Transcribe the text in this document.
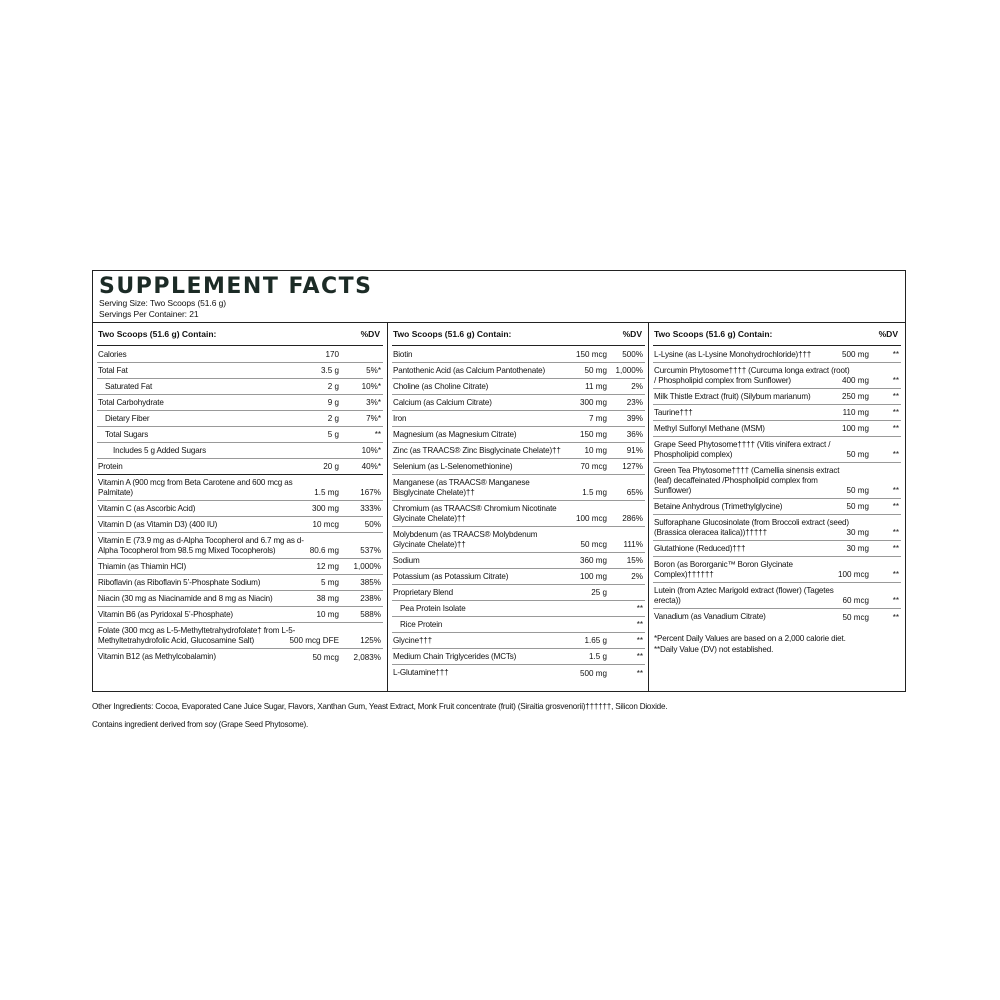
SUPPLEMENT FACTS
Serving Size: Two Scoops (51.6 g)
Servings Per Container: 21
Two Scoops (51.6 g) Contain:	%DV
Calories	170
Total Fat	3.5 g	5%*
Saturated Fat	2 g	10%*
Total Carbohydrate	9 g	3%*
Dietary Fiber	2 g	7%*
Total Sugars	5 g	**
Includes 5 g Added Sugars	10%*
Protein	20 g	40%*
Vitamin A (900 mcg from Beta Carotene and 600 mcg as Palmitate)	1.5 mg	167%
Vitamin C (as Ascorbic Acid)	300 mg	333%
Vitamin D (as Vitamin D3) (400 IU)	10 mcg	50%
Vitamin E (73.9 mg as d-Alpha Tocopherol and 6.7 mg as d-Alpha Tocopherol from 98.5 mg Mixed Tocopherols)	80.6 mg	537%
Thiamin (as Thiamin HCl)	12 mg 1,000%
Riboflavin (as Riboflavin 5’-Phosphate Sodium)	5 mg	385%
Niacin (30 mg as Niacinamide and 8 mg as Niacin)	38 mg	238%
Vitamin B6 (as Pyridoxal 5’-Phosphate)	10 mg	588%
Folate (300 mcg as L-5-Methyltetrahydrofolate† from L-5-Methyltetrahydrofolic Acid, Glucosamine Salt)	500 mcg DFE	125%
Vitamin B12 (as Methylcobalamin)	50 mcg 2,083%
Two Scoops (51.6 g) Contain:	%DV
Biotin	150 mcg 500%
Pantothenic Acid (as Calcium Pantothenate)	50 mg 1,000%
Choline (as Choline Citrate)	11 mg	2%
Calcium (as Calcium Citrate)	300 mg 23%
Iron	7 mg 39%
Magnesium (as Magnesium Citrate)	150 mg 36%
Zinc (as TRAACS® Zinc Bisglycinate Chelate)††	10 mg 91%
Selenium (as L-Selenomethionine)	70 mcg 127%
Manganese (as TRAACS® Manganese Bisglycinate Chelate)††	1.5 mg 65%
Chromium (as TRAACS® Chromium Nicotinate Glycinate Chelate)††	100 mcg 286%
Molybdenum (as TRAACS® Molybdenum Glycinate Chelate)††	50 mcg 111%
Sodium	360 mg 15%
Potassium (as Potassium Citrate)	100 mg	2%
Proprietary Blend	25 g
Pea Protein Isolate	**
Rice Protein	**
Glycine†††	1.65 g	**
Medium Chain Triglycerides (MCTs)	1.5 g	**
L-Glutamine†††	500 mg	**
Two Scoops (51.6 g) Contain:	%DV
L-Lysine (as L-Lysine Monohydrochloride)†††	500 mg	**
Curcumin Phytosome†††† (Curcuma longa extract (root) / Phospholipid complex from Sunflower)	400 mg	**
Milk Thistle Extract (fruit) (Silybum marianum)	250 mg	**
Taurine†††	110 mg	**
Methyl Sulfonyl Methane (MSM)	100 mg	**
Grape Seed Phytosome†††† (Vitis vinifera extract / Phospholipid complex)	50 mg	**
Green Tea Phytosome†††† (Camellia sinensis extract (leaf) decaffeinated /Phospholipid complex from Sunflower)	50 mg	**
Betaine Anhydrous (Trimethylglycine)	50 mg	**
Sulforaphane Glucosinolate (from Broccoli extract (seed) (Brassica oleracea italica))†††††	30 mg	**
Glutathione (Reduced)†††	30 mg	**
Boron (as Bororganic™ Boron Glycinate Complex)††††††	100 mcg	**
Lutein (from Aztec Marigold extract (flower) (Tagetes erecta))	60 mcg	**
Vanadium (as Vanadium Citrate)	50 mcg	**
*Percent Daily Values are based on a 2,000 calorie diet.
**Daily Value (DV) not established.
Other Ingredients: Cocoa, Evaporated Cane Juice Sugar, Flavors, Xanthan Gum, Yeast Extract, Monk Fruit concentrate (fruit) (Siraitia grosvenorii)††††††, Silicon Dioxide.
Contains ingredient derived from soy (Grape Seed Phytosome).
